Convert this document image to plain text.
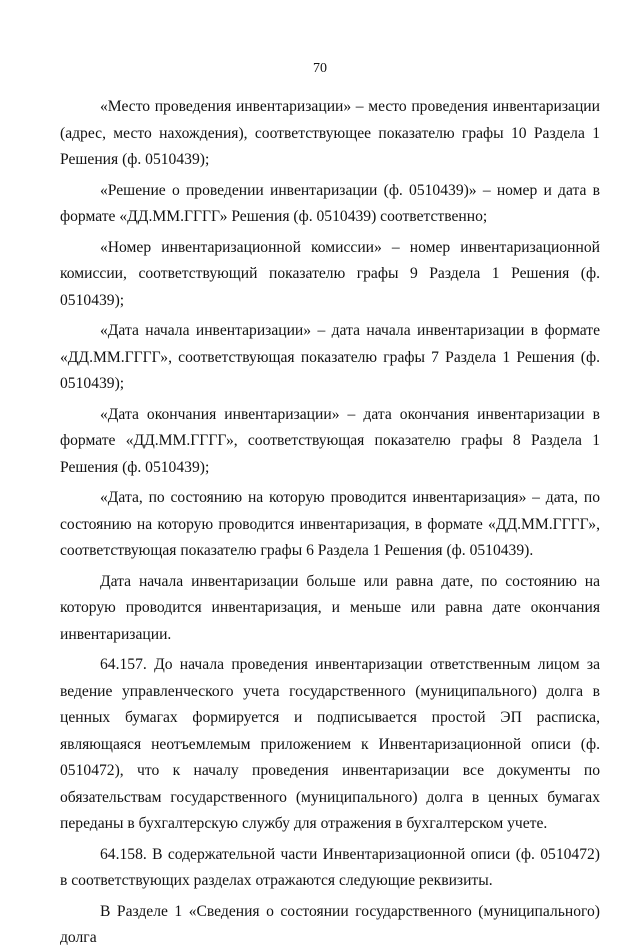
70

«Место проведения инвентаризации» – место проведения инвентаризации (адрес, место нахождения), соответствующее показателю графы 10 Раздела 1 Решения (ф. 0510439);

«Решение о проведении инвентаризации (ф. 0510439)» – номер и дата в формате «ДД.ММ.ГГГГ» Решения (ф. 0510439) соответственно;

«Номер инвентаризационной комиссии» – номер инвентаризационной комиссии, соответствующий показателю графы 9 Раздела 1 Решения (ф. 0510439);

«Дата начала инвентаризации» – дата начала инвентаризации в формате «ДД.ММ.ГГГГ», соответствующая показателю графы 7 Раздела 1 Решения (ф. 0510439);

«Дата окончания инвентаризации» – дата окончания инвентаризации в формате «ДД.ММ.ГГГГ», соответствующая показателю графы 8 Раздела 1 Решения (ф. 0510439);

«Дата, по состоянию на которую проводится инвентаризация» – дата, по состоянию на которую проводится инвентаризация, в формате «ДД.ММ.ГГГГ», соответствующая показателю графы 6 Раздела 1 Решения (ф. 0510439).

Дата начала инвентаризации больше или равна дате, по состоянию на которую проводится инвентаризация, и меньше или равна дате окончания инвентаризации.

64.157. До начала проведения инвентаризации ответственным лицом за ведение управленческого учета государственного (муниципального) долга в ценных бумагах формируется и подписывается простой ЭП расписка, являющаяся неотъемлемым приложением к Инвентаризационной описи (ф. 0510472), что к началу проведения инвентаризации все документы по обязательствам государственного (муниципального) долга в ценных бумагах переданы в бухгалтерскую службу для отражения в бухгалтерском учете.

64.158. В содержательной части Инвентаризационной описи (ф. 0510472) в соответствующих разделах отражаются следующие реквизиты.

В Разделе 1 «Сведения о состоянии государственного (муниципального) долга
